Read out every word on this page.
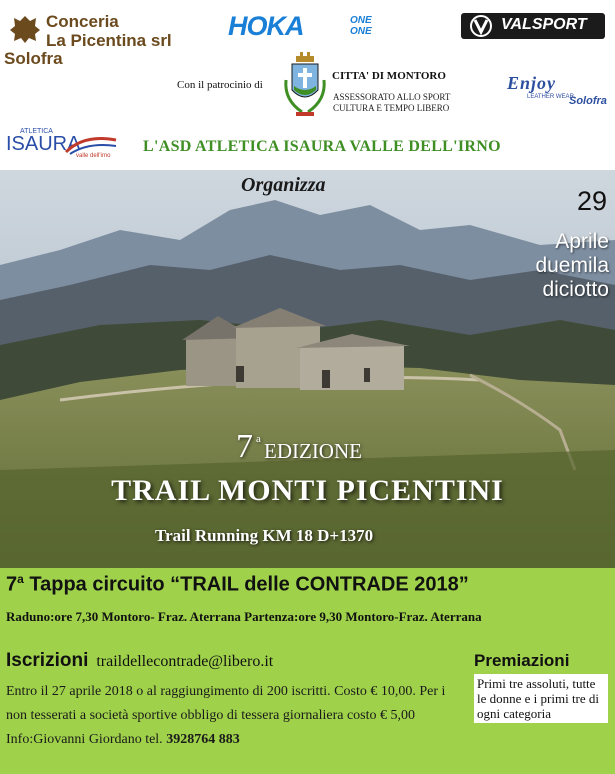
Conceria
La Picentina srl
Solofra
HOKA	ONE
ONE	VALSPORT
Con il patrocinio di
CITTA' DI MONTORO
ASSESSORATO ALLO SPORT
CULTURA E TEMPO LIBERO
Enjoy
LEATHER WEAR
Solofra
ATLETICA
ISAURA
valle dell'irno
L'ASD ATLETICA ISAURA VALLE DELL'IRNO
Organizza
29
Aprile
duemila
diciotto
7 a EDIZIONE
TRAIL MONTI PICENTINI
Trail Running KM 18 D+1370
7$^a$ Tappa circuito “TRAIL delle CONTRADE 2018”
Raduno:ore 7,30 Montoro- Fraz. Aterrana Partenza:ore 9,30 Montoro-Fraz. Aterrana
Iscrizioni traildellecontrade@libero.it
Entro il 27 aprile 2018 o al raggiungimento di 200 iscritti. Costo € 10,00. Per i non tesserati a società sportive obbligo di tessera giornaliera costo € 5,00 Info:Giovanni Giordano tel. 3928764 883
Premiazioni
Primi tre assoluti, tutte le donne e i primi tre di ogni categoria
